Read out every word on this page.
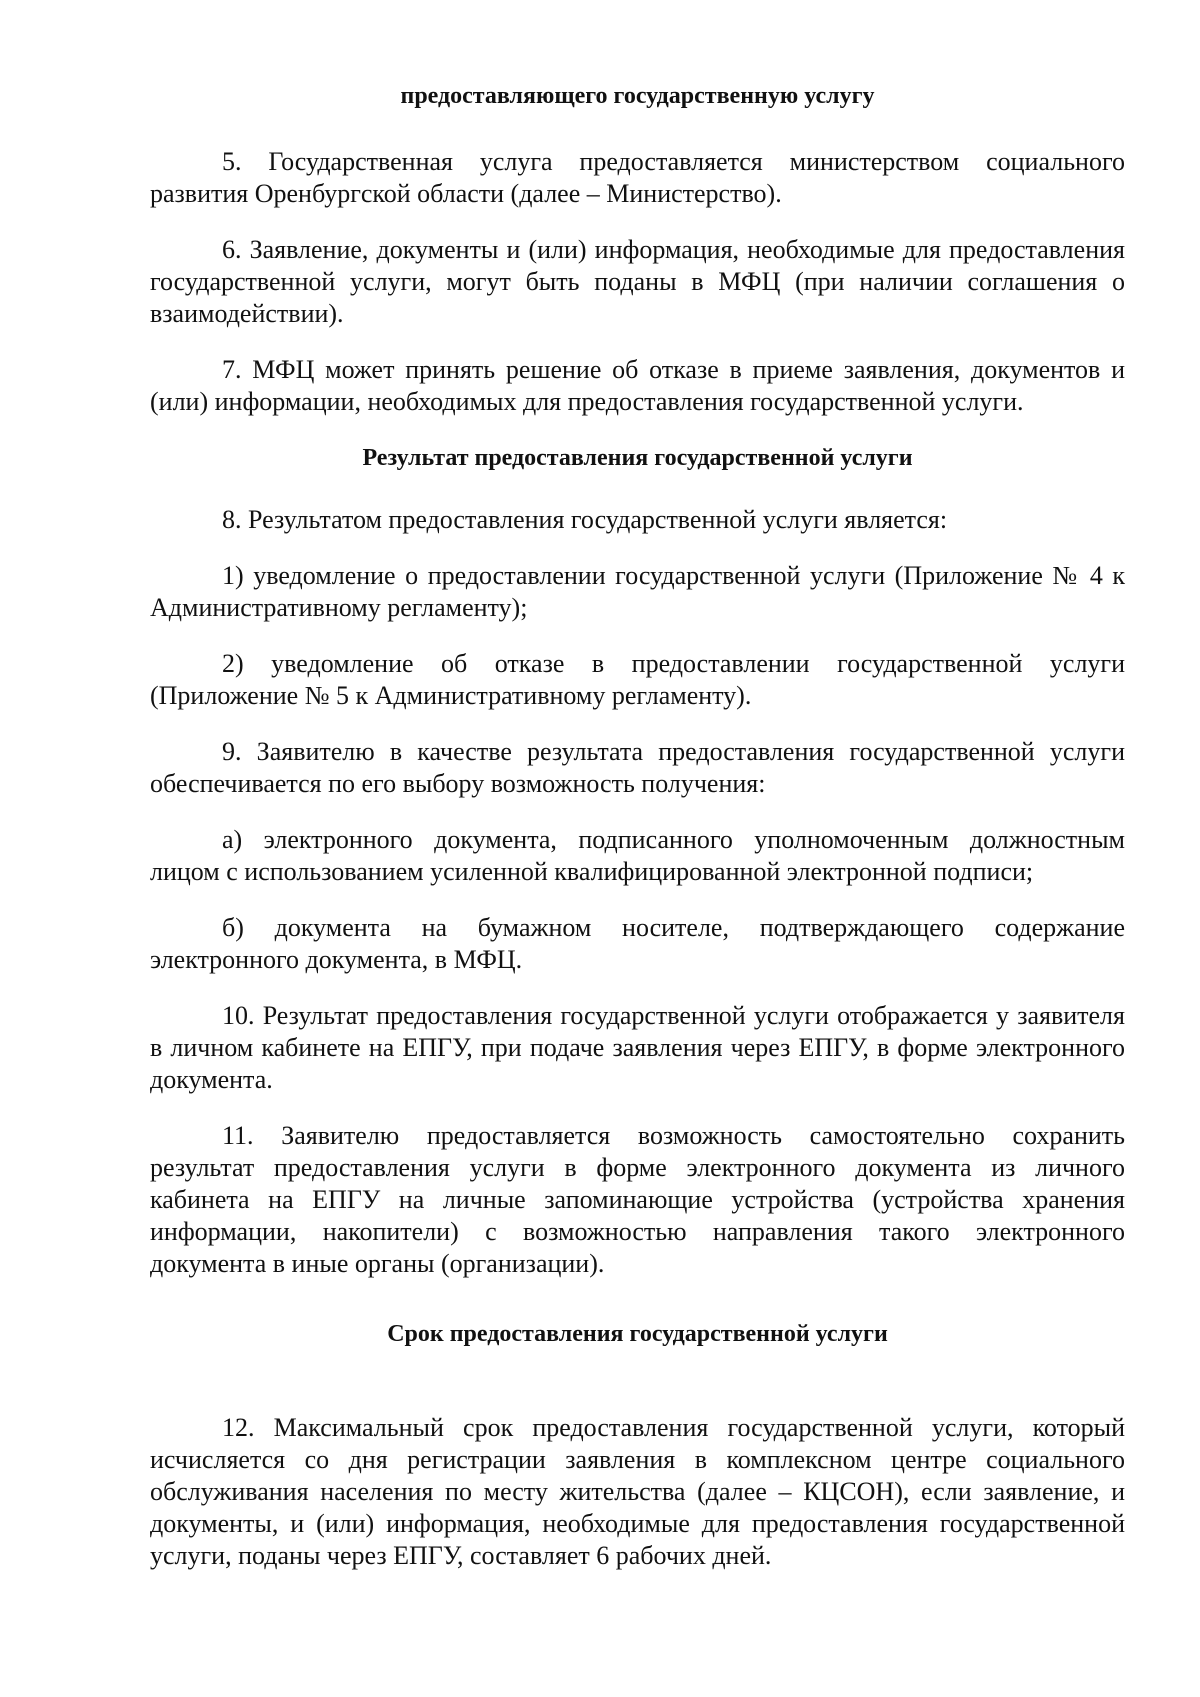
предоставляющего государственную услугу

5. Государственная услуга предоставляется министерством социального развития Оренбургской области (далее – Министерство).

6. Заявление, документы и (или) информация, необходимые для предоставления государственной услуги, могут быть поданы в МФЦ (при наличии соглашения о взаимодействии).

7. МФЦ может принять решение об отказе в приеме заявления, документов и (или) информации, необходимых для предоставления государственной услуги.

Результат предоставления государственной услуги

8. Результатом предоставления государственной услуги является:

1) уведомление о предоставлении государственной услуги (Приложение № 4 к Административному регламенту);

2) уведомление об отказе в предоставлении государственной услуги (Приложение № 5 к Административному регламенту).

9. Заявителю в качестве результата предоставления государственной услуги обеспечивается по его выбору возможность получения:

а) электронного документа, подписанного уполномоченным должностным лицом с использованием усиленной квалифицированной электронной подписи;

б) документа на бумажном носителе, подтверждающего содержание электронного документа, в МФЦ.

10. Результат предоставления государственной услуги отображается у заявителя в личном кабинете на ЕПГУ, при подаче заявления через ЕПГУ, в форме электронного документа.

11. Заявителю предоставляется возможность самостоятельно сохранить результат предоставления услуги в форме электронного документа из личного кабинета на ЕПГУ на личные запоминающие устройства (устройства хранения информации, накопители) с возможностью направления такого электронного документа в иные органы (организации).

Срок предоставления государственной услуги

12. Максимальный срок предоставления государственной услуги, который исчисляется со дня регистрации заявления в комплексном центре социального обслуживания населения по месту жительства (далее – КЦСОН), если заявление, и документы, и (или) информация, необходимые для предоставления государственной услуги, поданы через ЕПГУ, составляет 6 рабочих дней.
